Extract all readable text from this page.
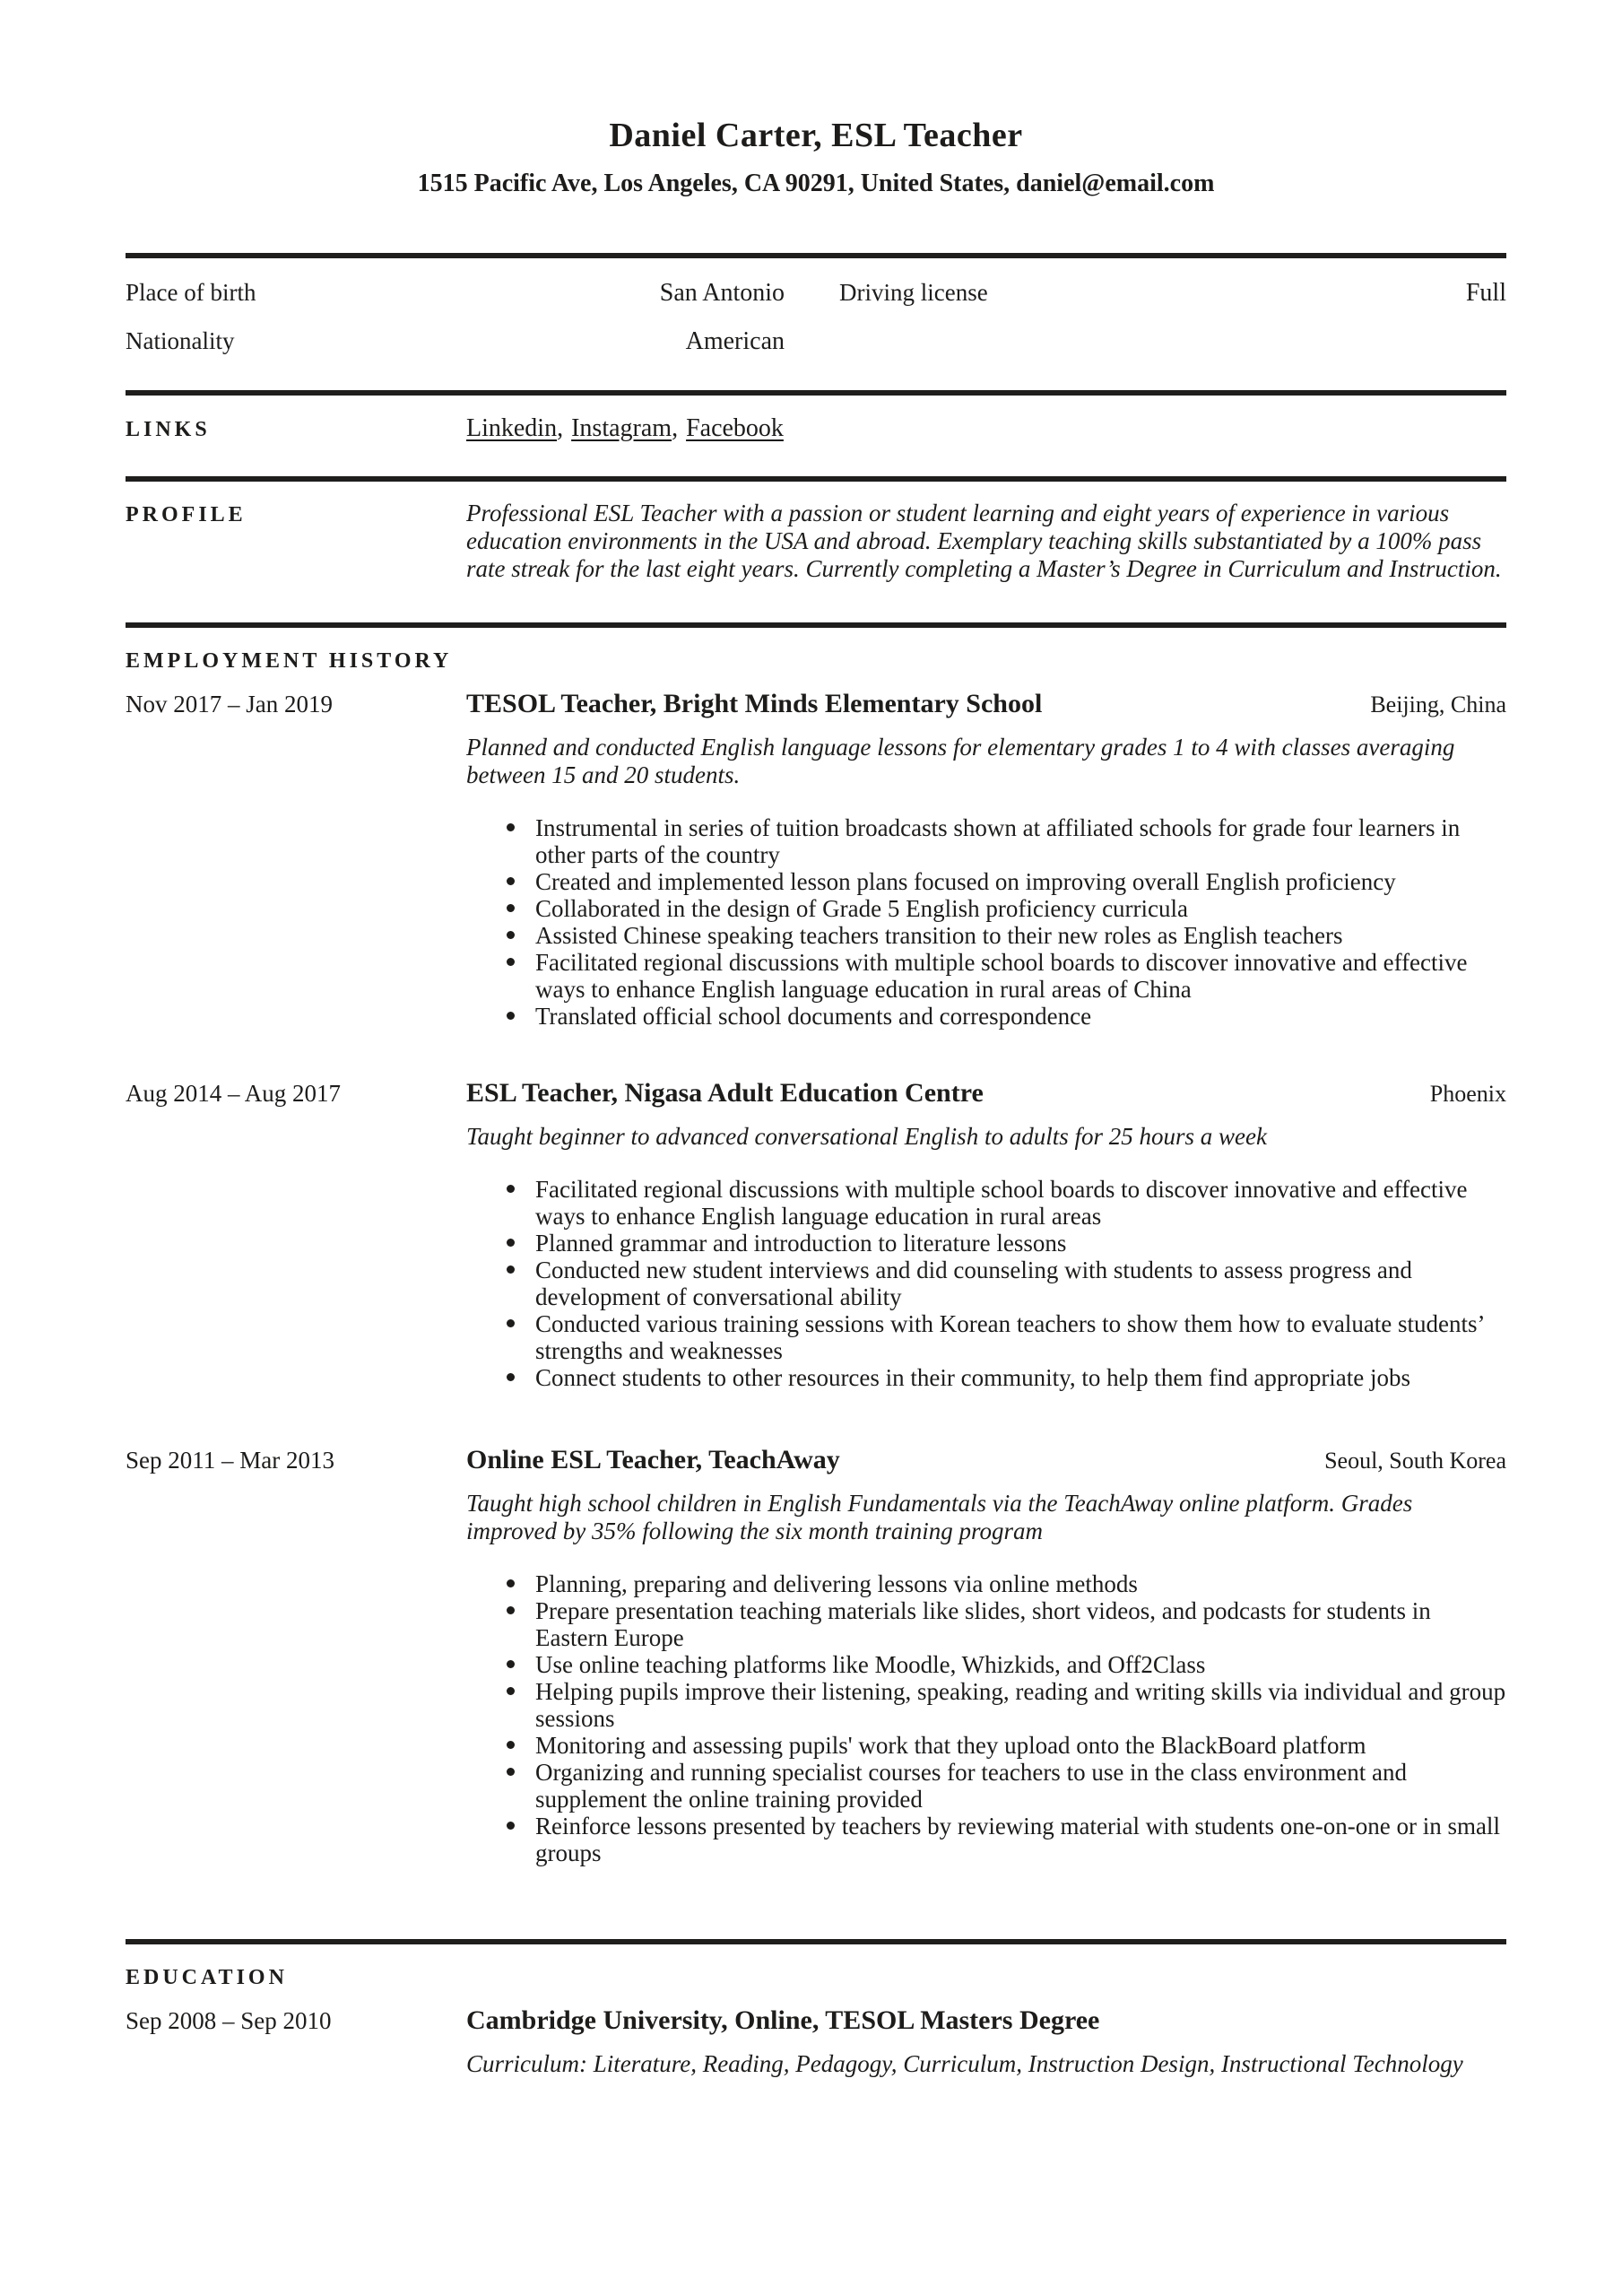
Daniel Carter, ESL Teacher
1515 Pacific Ave, Los Angeles, CA 90291, United States, daniel@email.com
Place of birth	San Antonio Driving license	Full
Nationality	American
LINKS	Linkedin, Instagram, Facebook
PROFILE	Professional ESL Teacher with a passion or student learning and eight years of experience in various education environments in the USA and abroad. Exemplary teaching skills substantiated by a 100% pass rate streak for the last eight years. Currently completing a Master’s Degree in Curriculum and Instruction.
EMPLOYMENT HISTORY
Nov 2017 – Jan 2019	TESOL Teacher, Bright Minds Elementary School	Beijing, China
Planned and conducted English language lessons for elementary grades 1 to 4 with classes averaging between 15 and 20 students.
Instrumental in series of tuition broadcasts shown at affiliated schools for grade four learners in other parts of the country
Created and implemented lesson plans focused on improving overall English proficiency
Collaborated in the design of Grade 5 English proficiency curricula
Assisted Chinese speaking teachers transition to their new roles as English teachers
Facilitated regional discussions with multiple school boards to discover innovative and effective ways to enhance English language education in rural areas of China
Translated official school documents and correspondence
Aug 2014 – Aug 2017	ESL Teacher, Nigasa Adult Education Centre	Phoenix
Taught beginner to advanced conversational English to adults for 25 hours a week
Facilitated regional discussions with multiple school boards to discover innovative and effective ways to enhance English language education in rural areas
Planned grammar and introduction to literature lessons
Conducted new student interviews and did counseling with students to assess progress and development of conversational ability
Conducted various training sessions with Korean teachers to show them how to evaluate students’ strengths and weaknesses
Connect students to other resources in their community, to help them find appropriate jobs
Sep 2011 – Mar 2013	Online ESL Teacher, TeachAway	Seoul, South Korea
Taught high school children in English Fundamentals via the TeachAway online platform. Grades improved by 35% following the six month training program
Planning, preparing and delivering lessons via online methods
Prepare presentation teaching materials like slides, short videos, and podcasts for students in Eastern Europe
Use online teaching platforms like Moodle, Whizkids, and Off2Class
Helping pupils improve their listening, speaking, reading and writing skills via individual and group sessions
Monitoring and assessing pupils' work that they upload onto the BlackBoard platform
Organizing and running specialist courses for teachers to use in the class environment and supplement the online training provided
Reinforce lessons presented by teachers by reviewing material with students one-on-one or in small groups
EDUCATION
Sep 2008 – Sep 2010	Cambridge University, Online, TESOL Masters Degree
Curriculum: Literature, Reading, Pedagogy, Curriculum, Instruction Design, Instructional Technology
